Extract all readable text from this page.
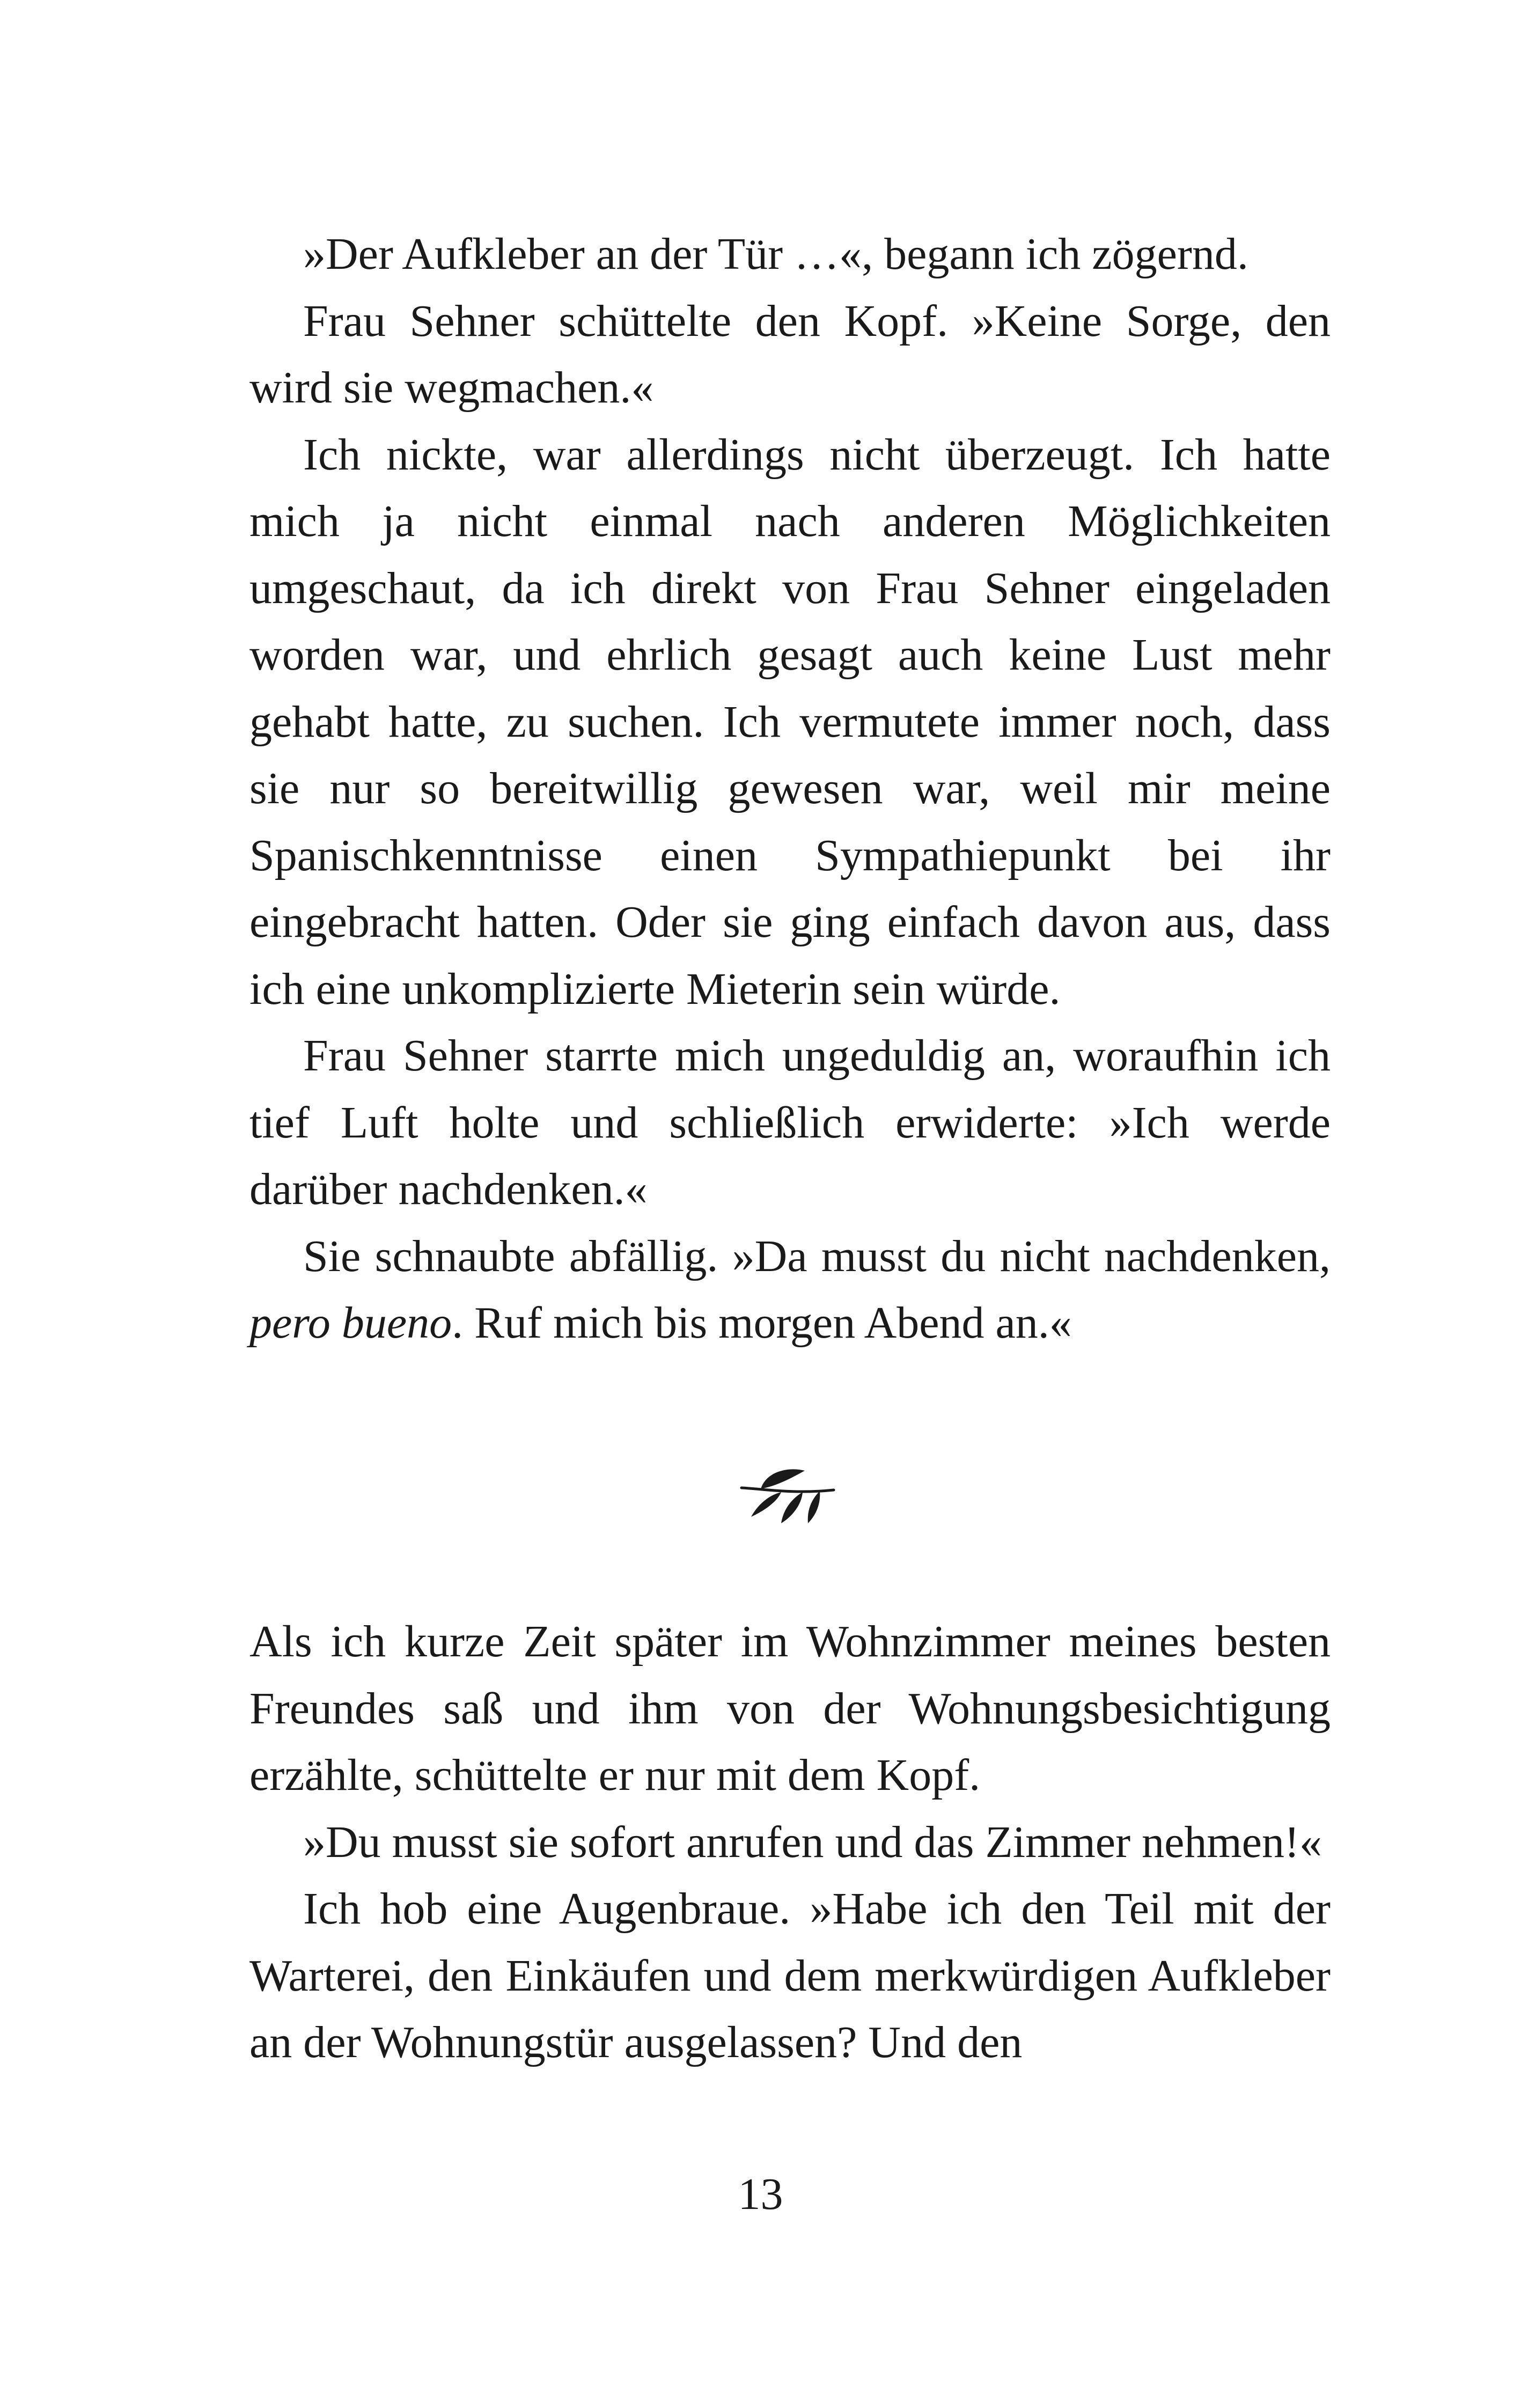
»Der Aufkleber an der Tür …«, begann ich zögernd.

Frau Sehner schüttelte den Kopf. »Keine Sorge, den wird sie wegmachen.«

Ich nickte, war allerdings nicht überzeugt. Ich hatte mich ja nicht einmal nach anderen Möglichkeiten umgeschaut, da ich direkt von Frau Sehner eingeladen worden war, und ehrlich gesagt auch keine Lust mehr gehabt hatte, zu suchen. Ich vermutete immer noch, dass sie nur so bereitwillig gewesen war, weil mir meine Spanischkenntnisse einen Sympathiepunkt bei ihr eingebracht hatten. Oder sie ging einfach davon aus, dass ich eine unkomplizierte Mieterin sein würde.

Frau Sehner starrte mich ungeduldig an, woraufhin ich tief Luft holte und schließlich erwiderte: »Ich werde darüber nachdenken.«

Sie schnaubte abfällig. »Da musst du nicht nachdenken, pero bueno. Ruf mich bis morgen Abend an.«

Als ich kurze Zeit später im Wohnzimmer meines besten Freundes saß und ihm von der Wohnungsbesichtigung erzählte, schüttelte er nur mit dem Kopf.

»Du musst sie sofort anrufen und das Zimmer nehmen!«

Ich hob eine Augenbraue. »Habe ich den Teil mit der Warterei, den Einkäufen und dem merkwürdigen Aufkleber an der Wohnungstür ausgelassen? Und den

13
